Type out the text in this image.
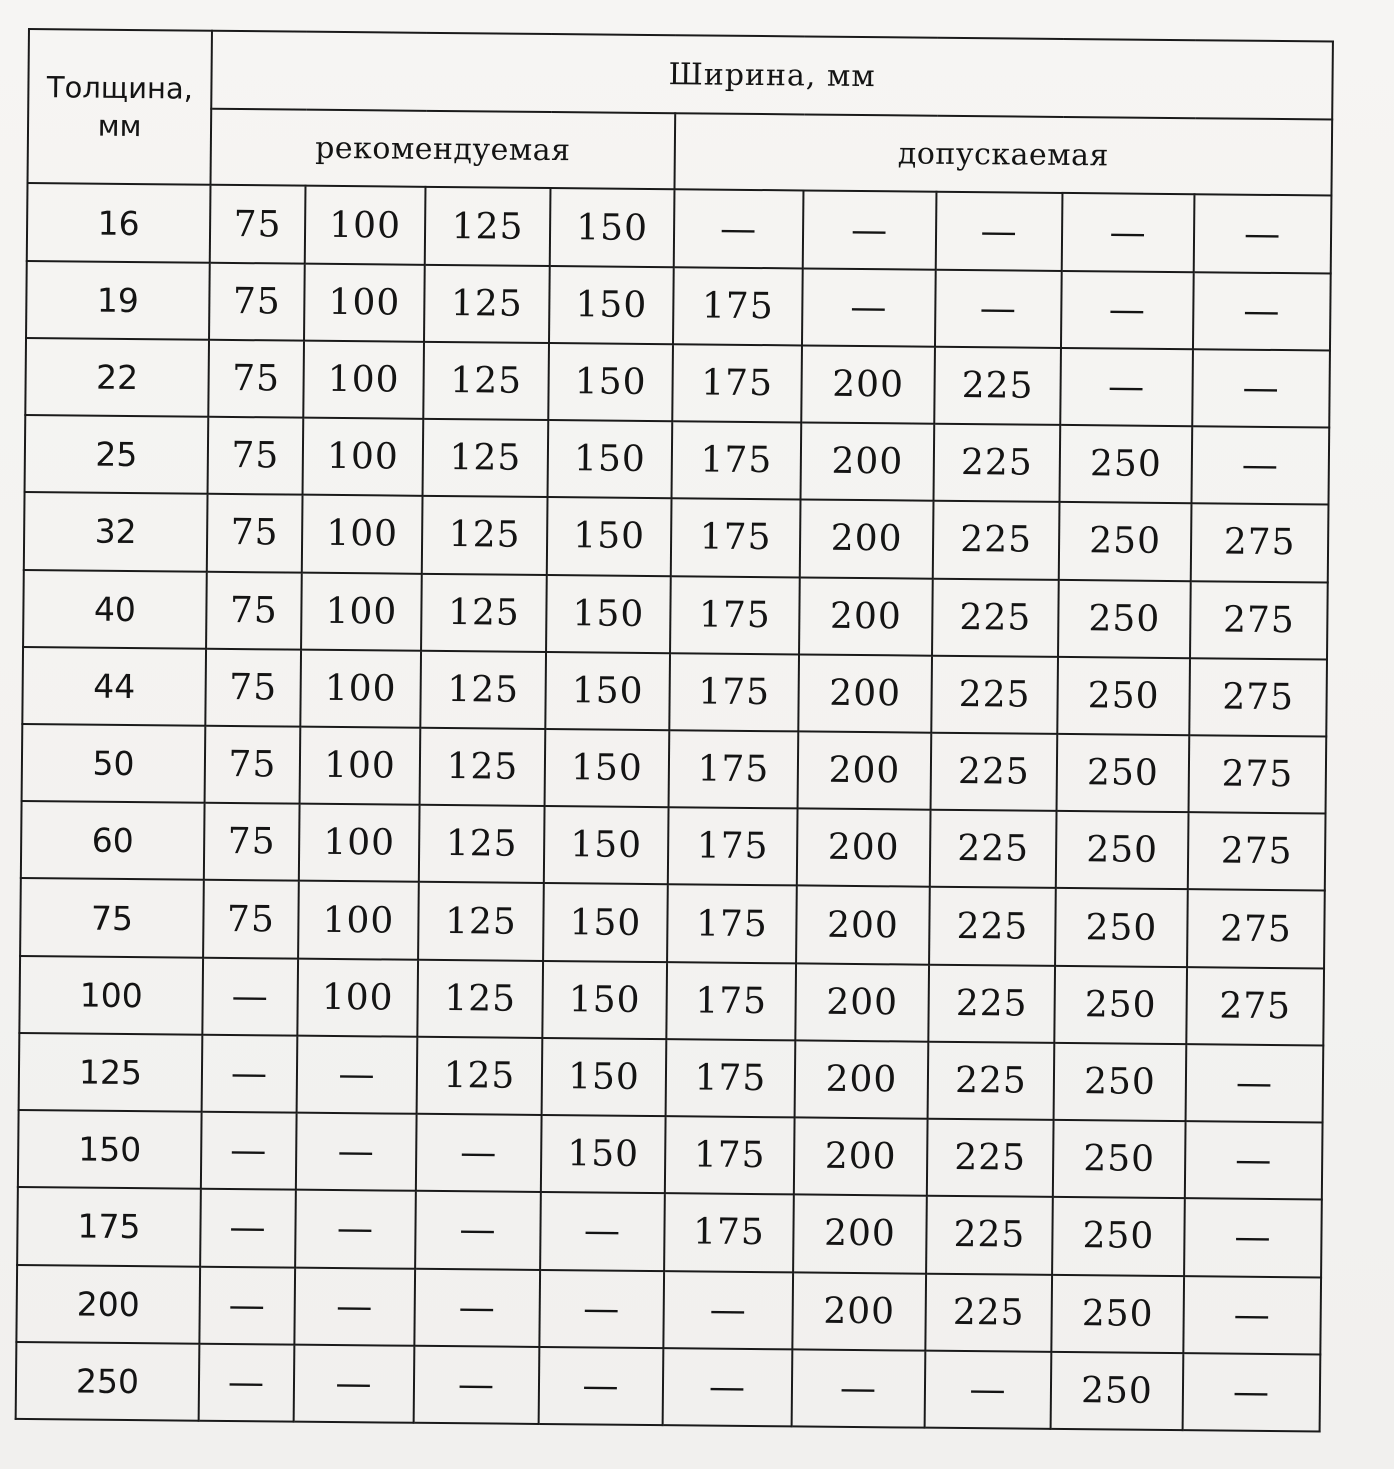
Толщина, мм	Ширина, мм								
	рекомендуемая				допускаемая				
16	75	100	125	150	—	—	—	—	—
19	75	100	125	150	175	—	—	—	—
22	75	100	125	150	175	200	225	—	—
25	75	100	125	150	175	200	225	250	—
32	75	100	125	150	175	200	225	250	275
40	75	100	125	150	175	200	225	250	275
44	75	100	125	150	175	200	225	250	275
50	75	100	125	150	175	200	225	250	275
60	75	100	125	150	175	200	225	250	275
75	75	100	125	150	175	200	225	250	275
100	—	100	125	150	175	200	225	250	275
125	—	—	125	150	175	200	225	250	—
150	—	—	—	150	175	200	225	250	—
175	—	—	—	—	175	200	225	250	—
200	—	—	—	—	—	200	225	250	—
250	—	—	—	—	—	—	—	250	—
